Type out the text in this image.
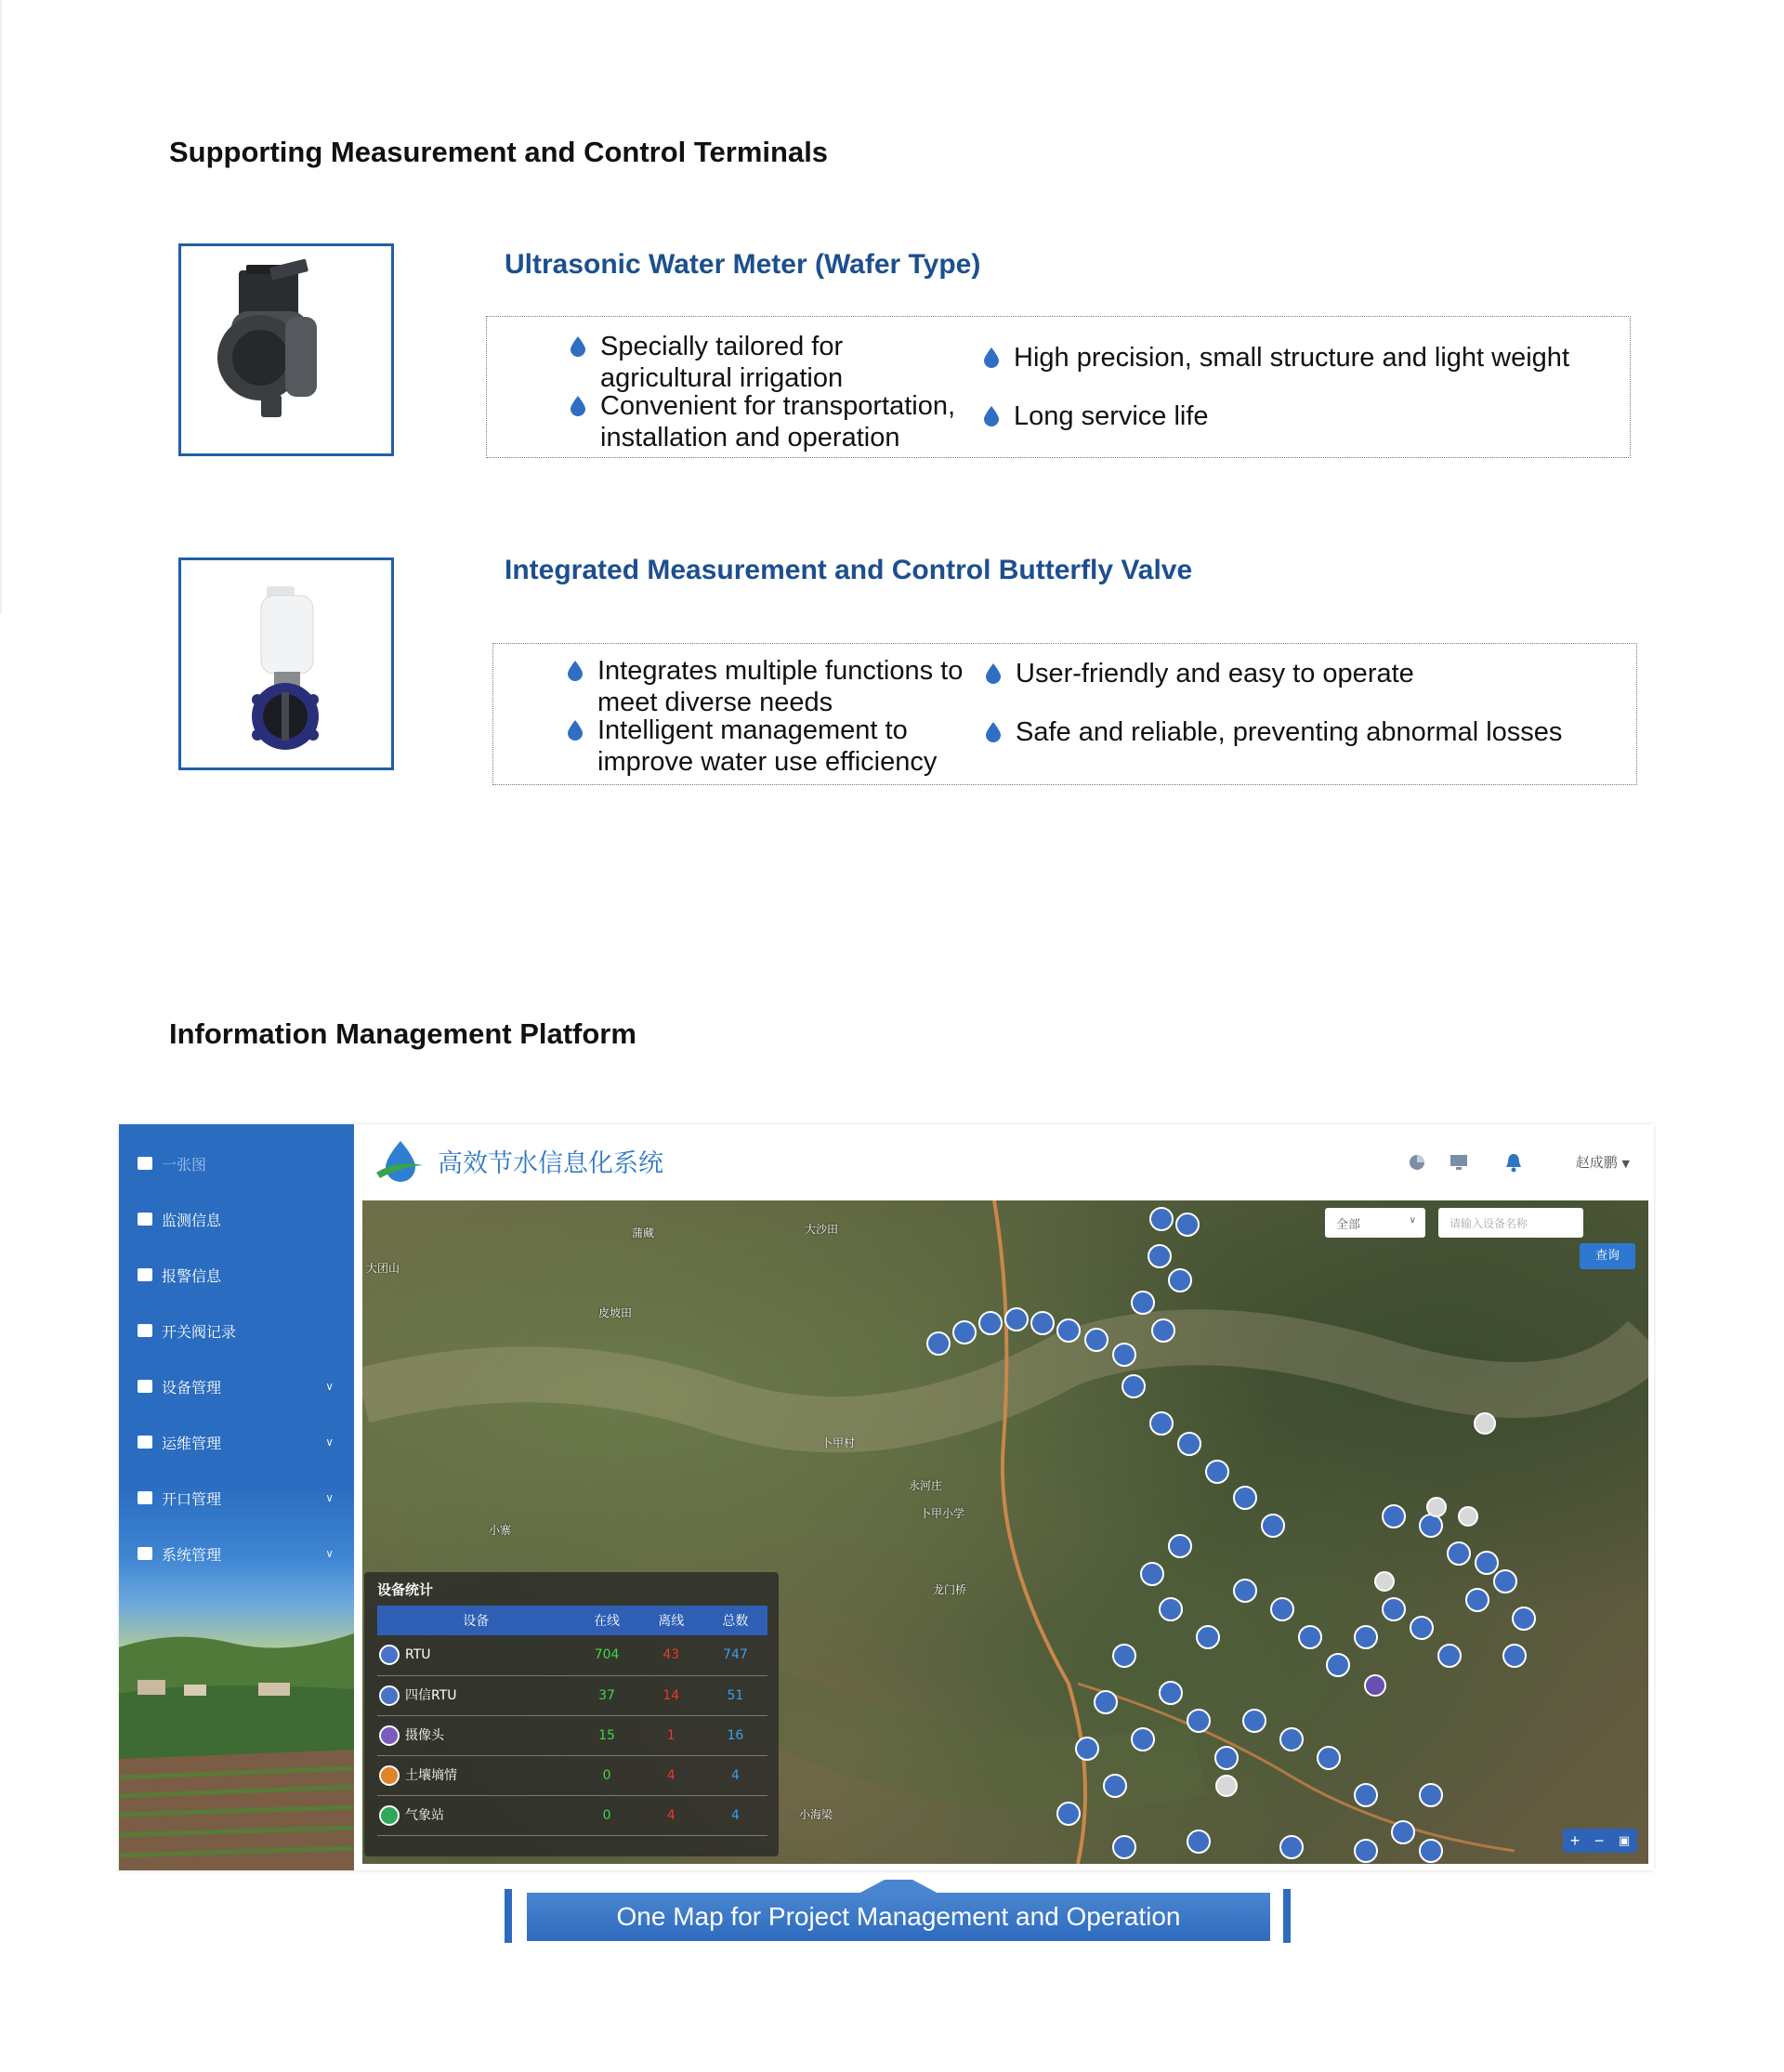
Supporting Measurement and Control Terminals
Ultrasonic Water Meter (Wafer Type)
Specially tailored for agricultural irrigation
High precision, small structure and light weight
Convenient for transportation, installation and operation
Long service life
Integrated Measurement and Control Butterfly Valve
Integrates multiple functions to meet diverse needs
User-friendly and easy to operate
Intelligent management to improve water use efficiency
Safe and reliable, preventing abnormal losses
Information Management Platform
一张图
监测信息
报警信息
开关阀记录
设备管理	∨
运维管理	∨
开口管理	∨
系统管理	∨
高效节水信息化系统	赵成鹏 ▼
蒲藏	大沙田
大团山
皮坡田
卜甲村
永河庄
卜甲小学
龙门桥
小寨
小海梁
全部	∨	请输入设备名称
查询
+ − ▣
设备统计
设备	在线	离线	总数
RTU	704	43	747
四信RTU	37	14	51
摄像头	15	1	16
土壤墒情	0	4	4
气象站	0	4	4
One Map for Project Management and Operation
